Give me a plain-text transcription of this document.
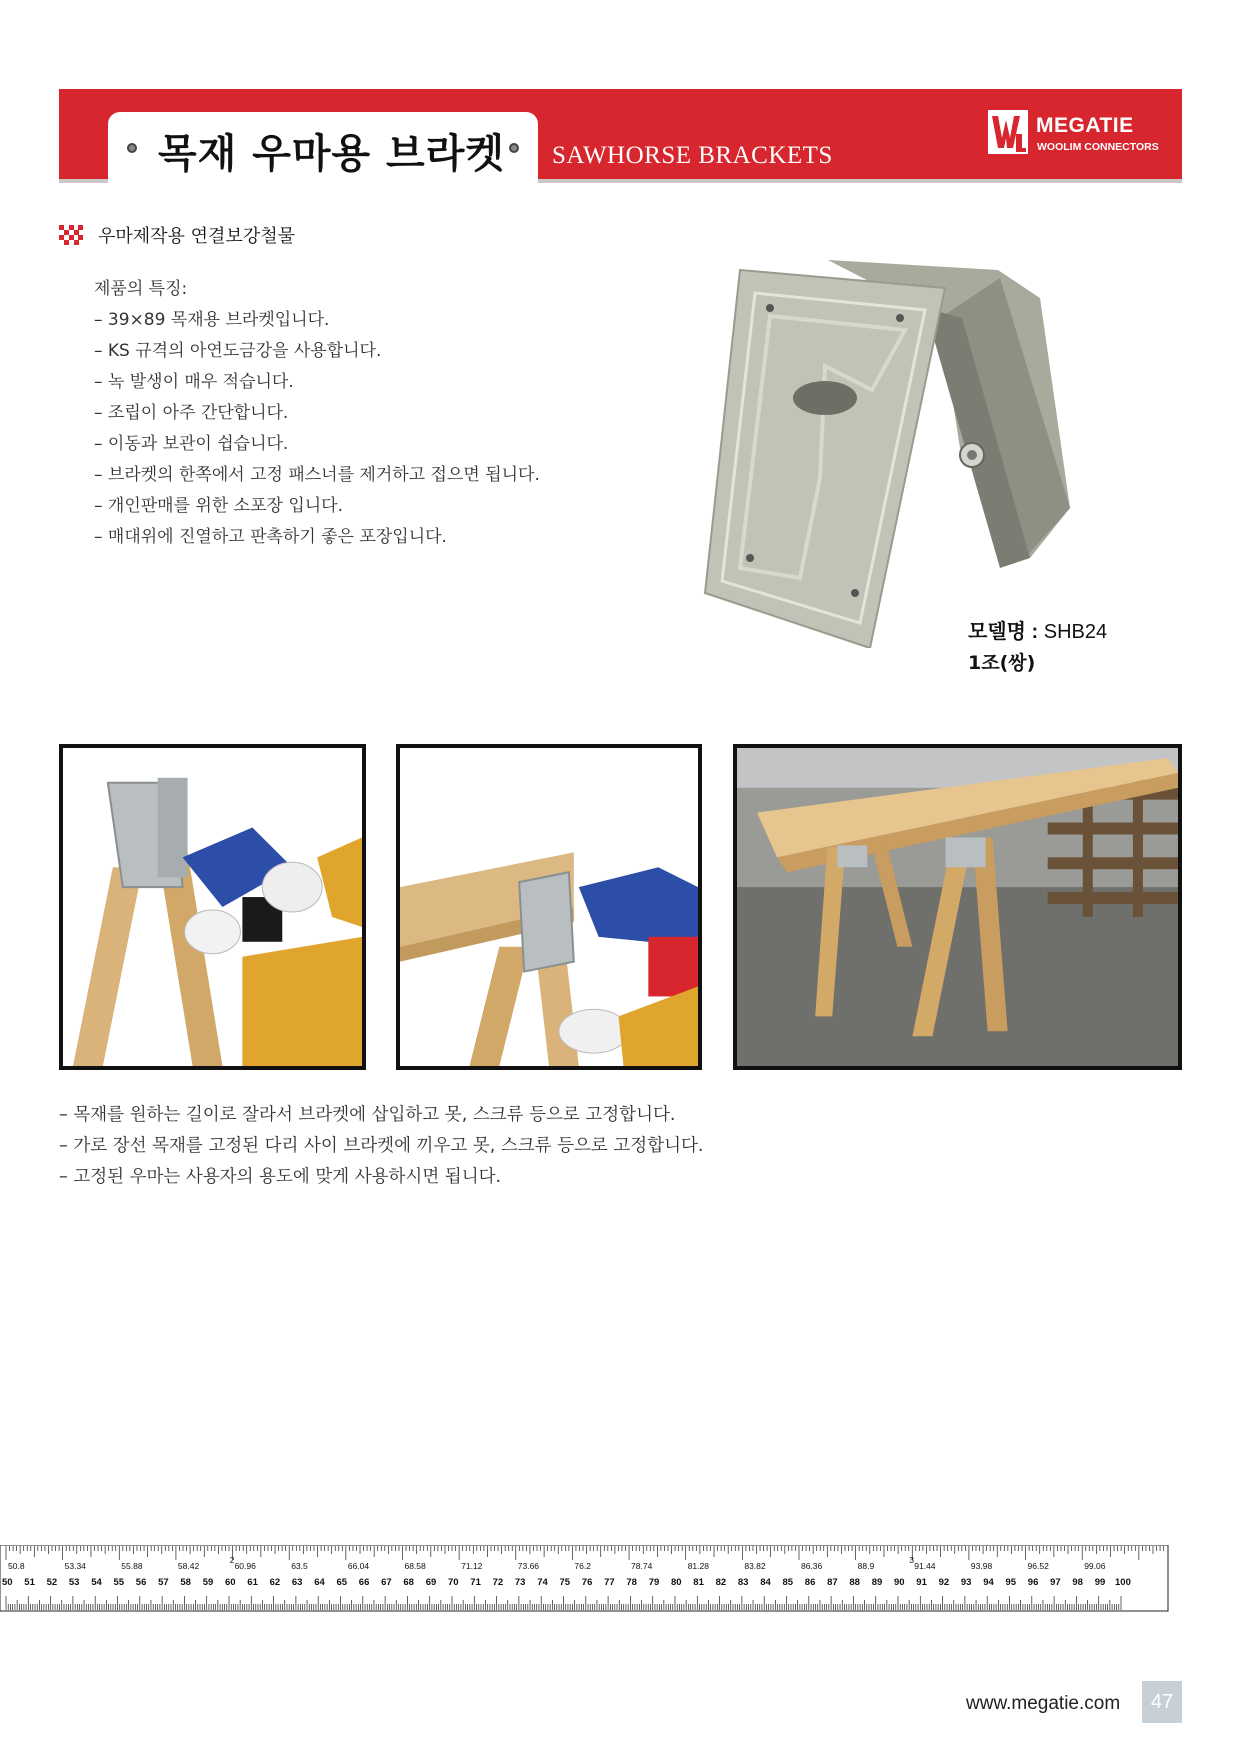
목재 우마용 브라켓 SAWHORSE BRACKETS
MEGATIE
WOOLIM CONNECTORS
우마제작용 연결보강철물
제품의 특징:
– 39×89 목재용 브라켓입니다.
– KS 규격의 아연도금강을 사용합니다.
– 녹 발생이 매우 적습니다.
– 조립이 아주 간단합니다.
– 이동과 보관이 쉽습니다.
– 브라켓의 한쪽에서 고정 패스너를 제거하고 접으면 됩니다.
– 개인판매를 위한 소포장 입니다.
– 매대위에 진열하고 판촉하기 좋은 포장입니다.
모델명 : SHB24
1조(쌍)
– 목재를 원하는 길이로 잘라서 브라켓에 삽입하고 못, 스크류 등으로 고정합니다.
– 가로 장선 목재를 고정된 다리 사이 브라켓에 끼우고 못, 스크류 등으로 고정합니다.
– 고정된 우마는 사용자의 용도에 맞게 사용하시면 됩니다.
50.8	53.34	55.88	58.42	60.96	63.5	66.04	68.58	71.12	73.66	76.2	78.74	81.28	83.82	86.36	88.9	91.44	93.98	96.52	99.06
2	3
50 51 52 53 54 55 56 57 58 59 60 61 62 63 64 65 66 67 68 69 70 71 72 73 74 75 76 77 78 79 80 81 82 83 84 85 86 87 88 89 90 91 92 93 94 95 96 97 98 99 100
www.megatie.com	47
